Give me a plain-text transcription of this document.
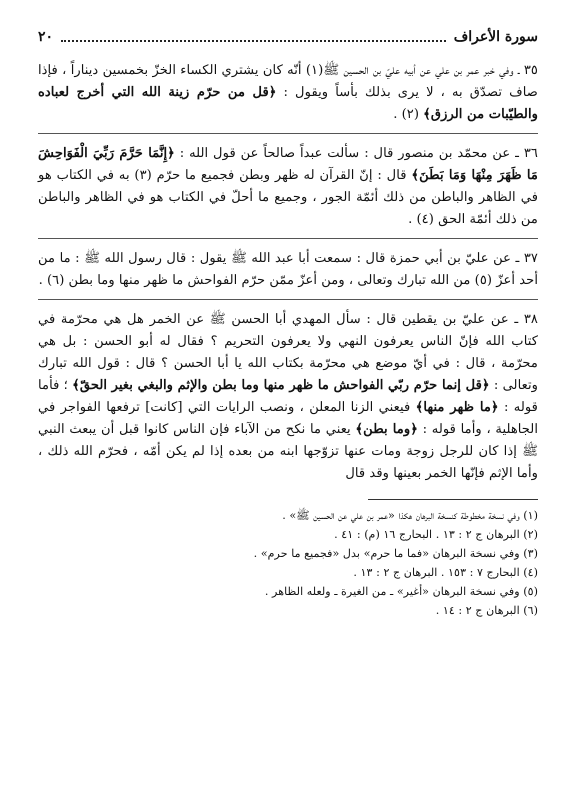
سورة الأعراف
٢٠

٣٥ ـ وفي خبر عمر بن علي عن أبيه عليّ بن الحسين ﷺ(١) أنّه كان يشتري الكساء الخزّ بخمسين ديناراً ، فإذا صاف تصدّق به ، لا يرى بذلك بأساً ويقول : ﴿قل من حرّم زينة الله التي أخرج لعباده والطيّبات من الرزق﴾ (٢) .

٣٦ ـ عن محمّد بن منصور قال : سألت عبداً صالحاً عن قول الله : ﴿إِنَّمَا حَرَّمَ رَبِّيَ الْفَوَاحِشَ مَا ظَهَرَ مِنْهَا وَمَا بَطَنَ﴾ قال : إنّ القرآن له ظهر وبطن فجميع ما حرّم (٣) به في الكتاب هو في الظاهر والباطن من ذلك أئمّة الجور ، وجميع ما أحلّ في الكتاب هو في الظاهر والباطن من ذلك أئمّة الحق (٤) .

٣٧ ـ عن عليّ بن أبي حمزة قال : سمعت أبا عبد الله ﷺ يقول : قال رسول الله ﷺ : ما من أحد أعزّ (٥) من الله تبارك وتعالى ، ومن أعزّ ممّن حرّم الفواحش ما ظهر منها وما بطن (٦) .

٣٨ ـ عن عليّ بن يقطين قال : سأل المهدي أبا الحسن ﷺ عن الخمر هل هي محرّمة في كتاب الله فإنّ الناس يعرفون النهي ولا يعرفون التحريم ؟ فقال له أبو الحسن : بل هي محرّمة ، قال : في أيّ موضع هي محرّمة بكتاب الله يا أبا الحسن ؟ قال : قول الله تبارك وتعالى : ﴿قل إنما حرّم ربّي الفواحش ما ظهر منها وما بطن والإثم والبغي بغير الحقّ﴾ ؛ فأما قوله : ﴿ما ظهر منها﴾ فيعني الزنا المعلن ، ونصب الرايات التي [كانت] ترفعها الفواجر في الجاهلية ، وأما قوله : ﴿وما بطن﴾ يعني ما نكح من الآباء فإن الناس كانوا قبل أن يبعث النبي ﷺ إذا كان للرجل زوجة ومات عنها تزوّجها ابنه من بعده إذا لم يكن أمّه ، فحرّم الله ذلك ، وأما الإثم فإنّها الخمر بعينها وقد قال

(١) وفي نسخة مخطوطة كنسخة البرهان هكذا «عمر بن علي عن الحسين ﷺ» .
(٢) البرهان ج ٢ : ١٣ . البحارج ١٦ (م) : ٤١ .
(٣) وفي نسخة البرهان «فما ما حرم» بدل «فجميع ما حرم» .
(٤) البحارج ٧ : ١٥٣ . البرهان ج ٢ : ١٣ .
(٥) وفي نسخة البرهان «أغير» ـ من الغيرة ـ ولعله الظاهر .
(٦) البرهان ج ٢ : ١٤ .
